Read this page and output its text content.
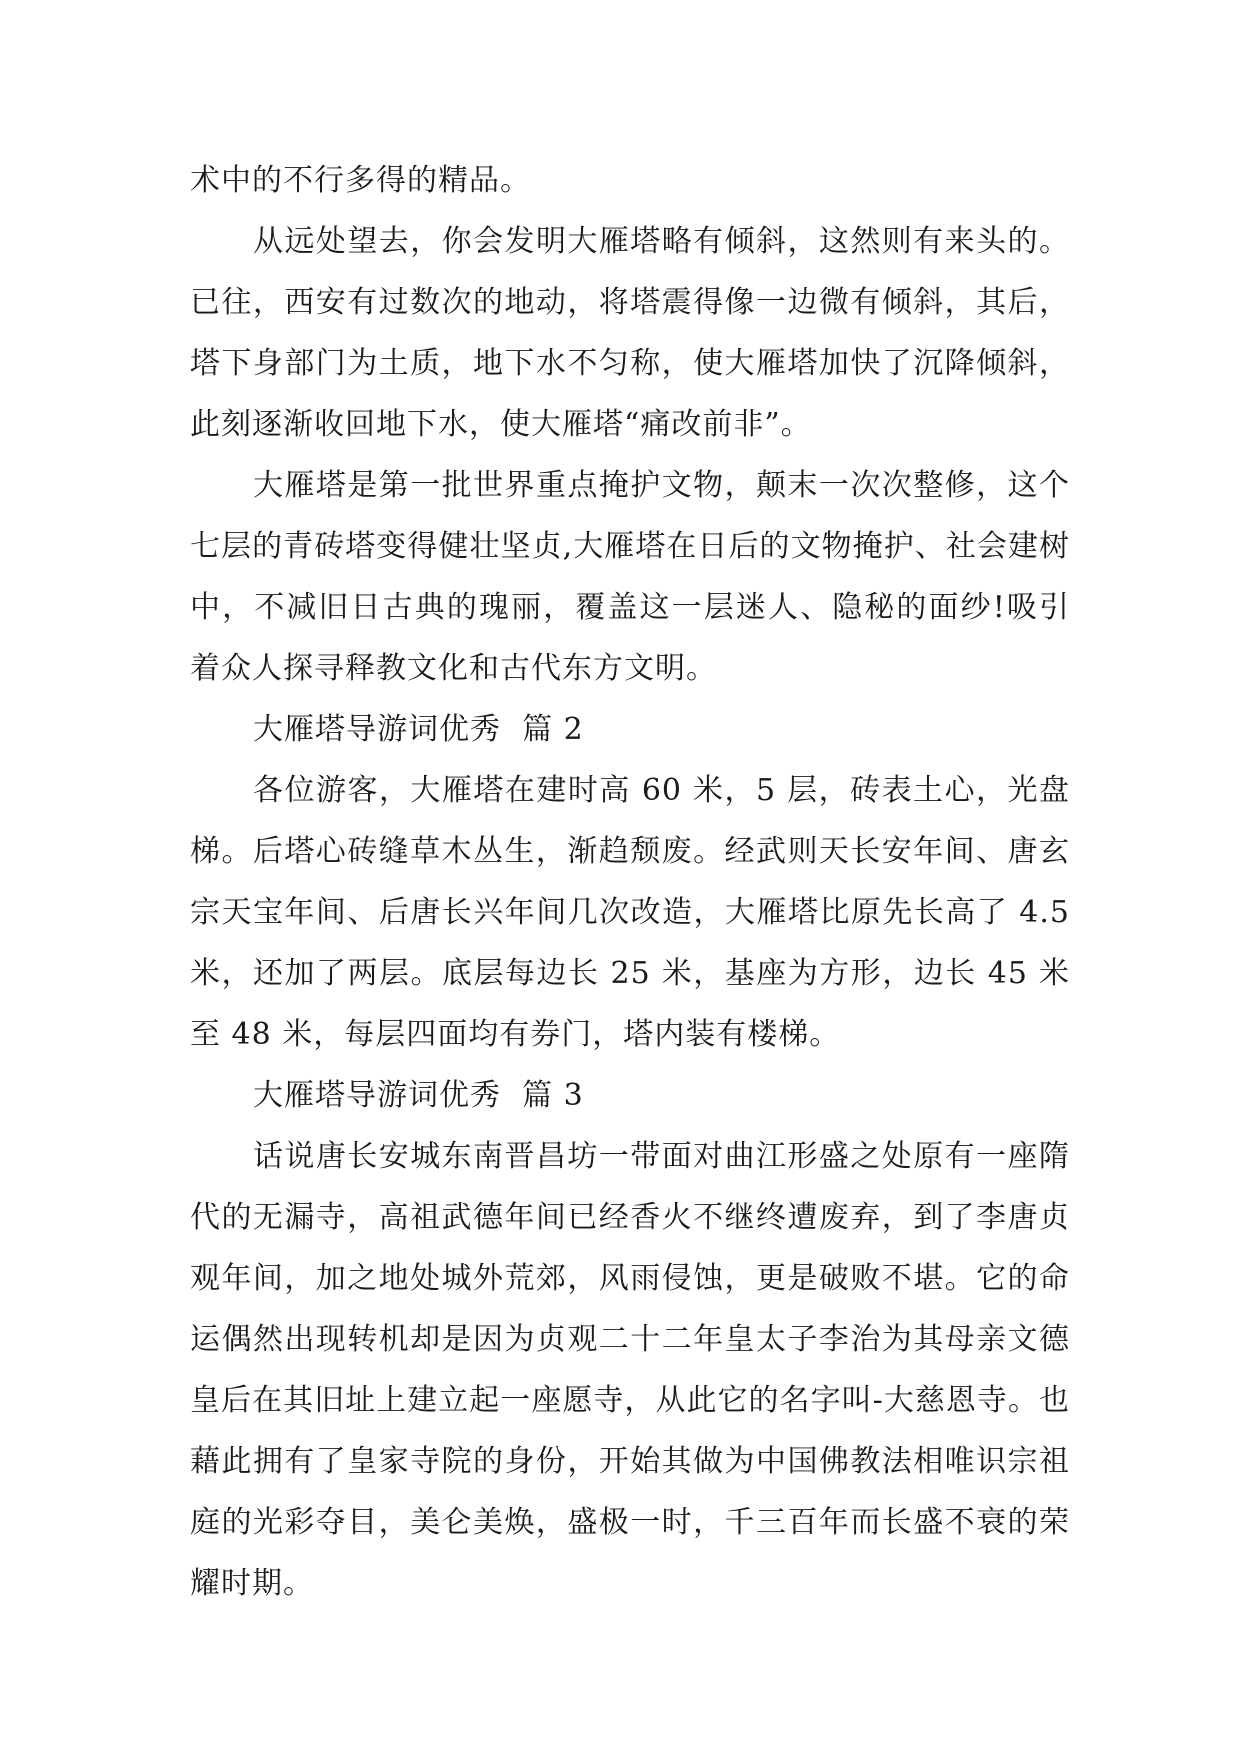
术中的不行多得的精品。

从远处望去，你会发明大雁塔略有倾斜，这然则有来头的。已往，西安有过数次的地动，将塔震得像一边微有倾斜，其后，塔下身部门为土质，地下水不匀称，使大雁塔加快了沉降倾斜，此刻逐渐收回地下水，使大雁塔“痛改前非”。

大雁塔是第一批世界重点掩护文物，颠末一次次整修，这个七层的青砖塔变得健壮坚贞,大雁塔在日后的文物掩护、社会建树中，不减旧日古典的瑰丽，覆盖这一层迷人、隐秘的面纱!吸引着众人探寻释教文化和古代东方文明。

大雁塔导游词优秀  篇 2

各位游客，大雁塔在建时高 60 米，5 层，砖表土心，光盘梯。后塔心砖缝草木丛生，渐趋颓废。经武则天长安年间、唐玄宗天宝年间、后唐长兴年间几次改造，大雁塔比原先长高了 4.5 米，还加了两层。底层每边长 25 米，基座为方形，边长 45 米至 48 米，每层四面均有券门，塔内装有楼梯。

大雁塔导游词优秀  篇 3

话说唐长安城东南晋昌坊一带面对曲江形盛之处原有一座隋代的无漏寺，高祖武德年间已经香火不继终遭废弃，到了李唐贞观年间，加之地处城外荒郊，风雨侵蚀，更是破败不堪。它的命运偶然出现转机却是因为贞观二十二年皇太子李治为其母亲文德皇后在其旧址上建立起一座愿寺，从此它的名字叫-大慈恩寺。也藉此拥有了皇家寺院的身份，开始其做为中国佛教法相唯识宗祖庭的光彩夺目，美仑美焕，盛极一时，千三百年而长盛不衰的荣耀时期。
